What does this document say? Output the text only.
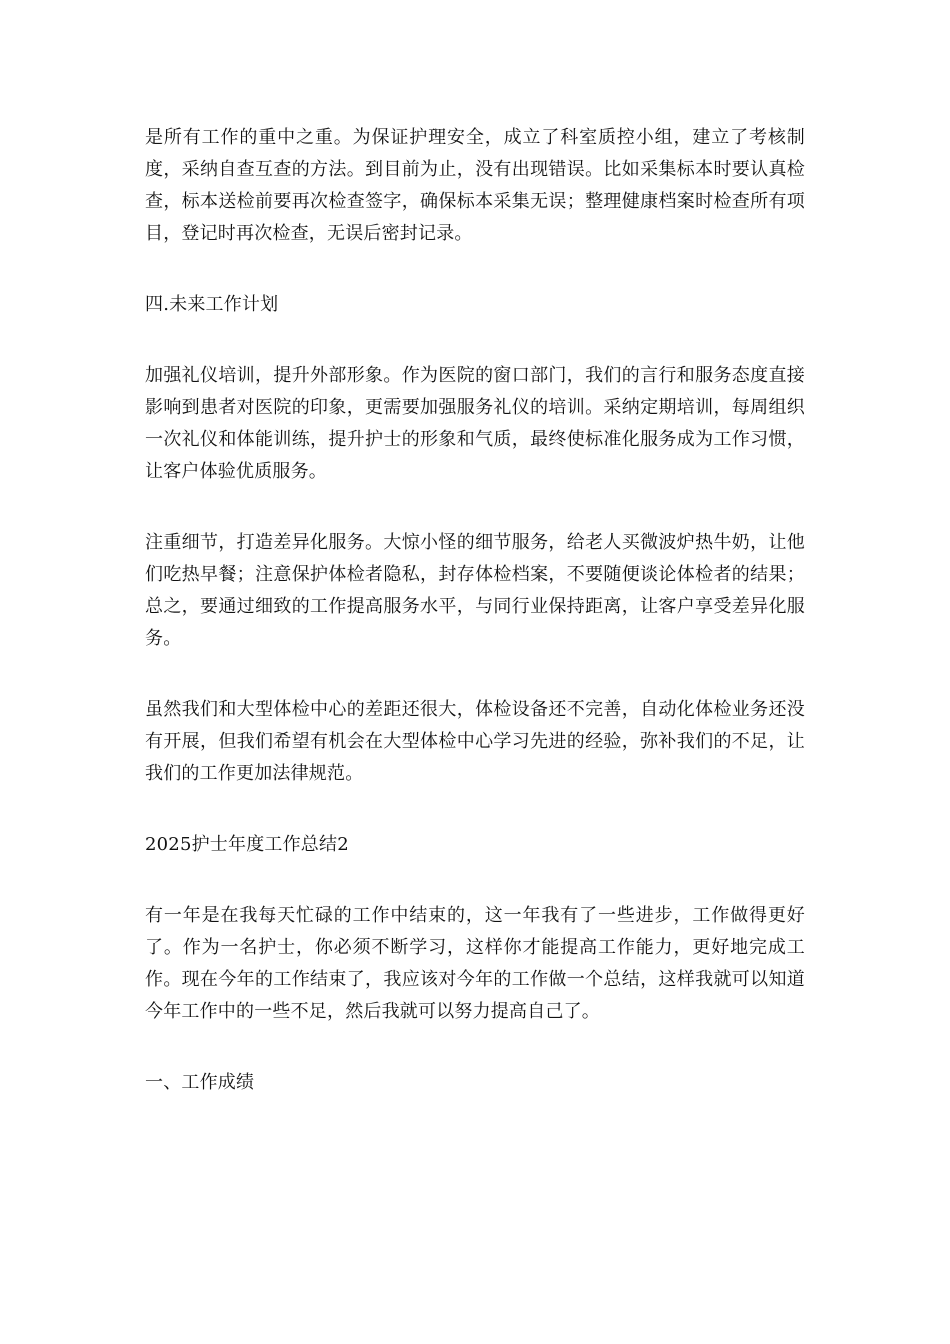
是所有工作的重中之重。为保证护理安全，成立了科室质控小组，建立了考核制度，采纳自查互查的方法。到目前为止，没有出现错误。比如采集标本时要认真检查，标本送检前要再次检查签字，确保标本采集无误；整理健康档案时检查所有项目，登记时再次检查，无误后密封记录。

四.未来工作计划

加强礼仪培训，提升外部形象。作为医院的窗口部门，我们的言行和服务态度直接影响到患者对医院的印象，更需要加强服务礼仪的培训。采纳定期培训，每周组织一次礼仪和体能训练，提升护士的形象和气质，最终使标准化服务成为工作习惯，让客户体验优质服务。

注重细节，打造差异化服务。大惊小怪的细节服务，给老人买微波炉热牛奶，让他们吃热早餐；注意保护体检者隐私，封存体检档案，不要随便谈论体检者的结果；总之，要通过细致的工作提高服务水平，与同行业保持距离，让客户享受差异化服务。

虽然我们和大型体检中心的差距还很大，体检设备还不完善，自动化体检业务还没有开展，但我们希望有机会在大型体检中心学习先进的经验，弥补我们的不足，让我们的工作更加法律规范。

2025护士年度工作总结2

有一年是在我每天忙碌的工作中结束的，这一年我有了一些进步，工作做得更好了。作为一名护士，你必须不断学习，这样你才能提高工作能力，更好地完成工作。现在今年的工作结束了，我应该对今年的工作做一个总结，这样我就可以知道今年工作中的一些不足，然后我就可以努力提高自己了。

一、工作成绩
